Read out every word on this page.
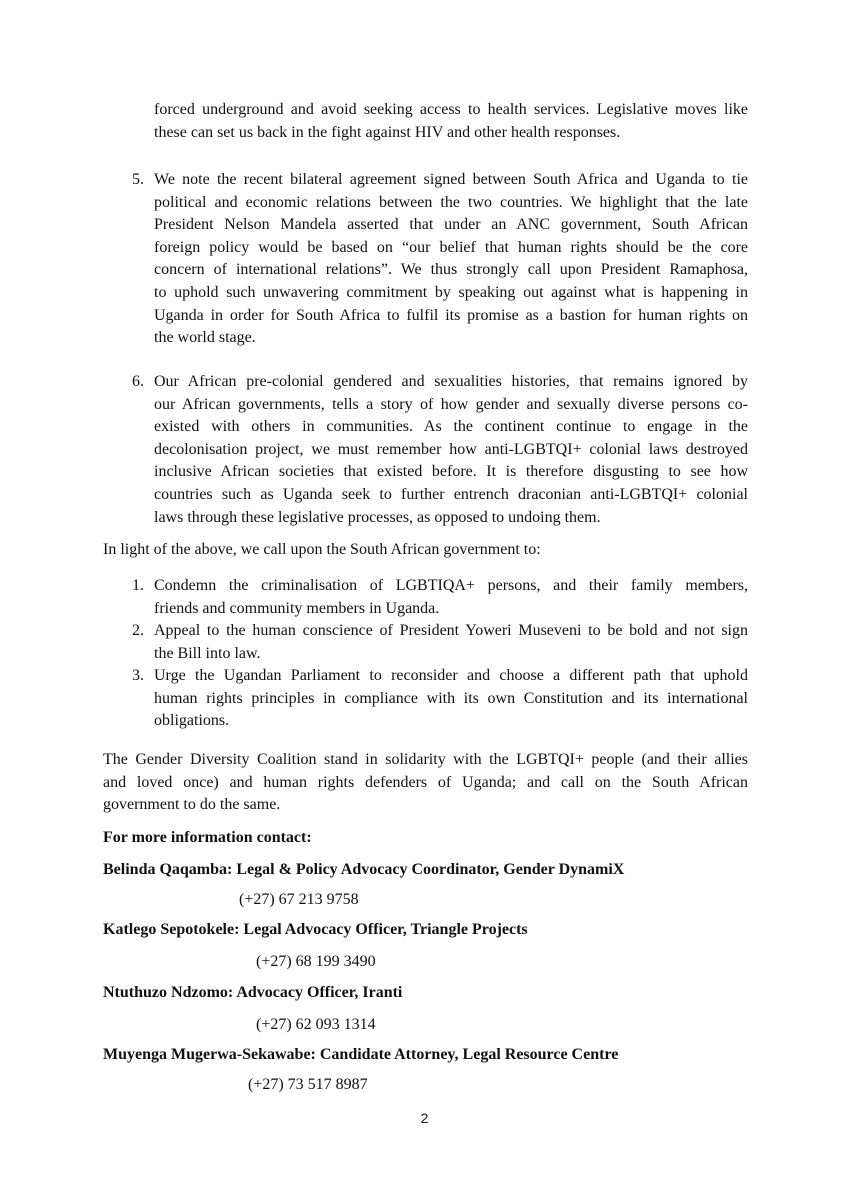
forced underground and avoid seeking access to health services. Legislative moves like
these can set us back in the fight against HIV and other health responses.
5. We note the recent bilateral agreement signed between South Africa and Uganda to tie
political and economic relations between the two countries. We highlight that the late
President Nelson Mandela asserted that under an ANC government, South African
foreign policy would be based on “our belief that human rights should be the core
concern of international relations”. We thus strongly call upon President Ramaphosa,
to uphold such unwavering commitment by speaking out against what is happening in
Uganda in order for South Africa to fulfil its promise as a bastion for human rights on
the world stage.
6. Our African pre-colonial gendered and sexualities histories, that remains ignored by
our African governments, tells a story of how gender and sexually diverse persons co-
existed with others in communities. As the continent continue to engage in the
decolonisation project, we must remember how anti-LGBTQI+ colonial laws destroyed
inclusive African societies that existed before. It is therefore disgusting to see how
countries such as Uganda seek to further entrench draconian anti-LGBTQI+ colonial
laws through these legislative processes, as opposed to undoing them.
In light of the above, we call upon the South African government to:
1. Condemn the criminalisation of LGBTIQA+ persons, and their family members,
friends and community members in Uganda.
2. Appeal to the human conscience of President Yoweri Museveni to be bold and not sign
the Bill into law.
3. Urge the Ugandan Parliament to reconsider and choose a different path that uphold
human rights principles in compliance with its own Constitution and its international
obligations.
The Gender Diversity Coalition stand in solidarity with the LGBTQI+ people (and their allies
and loved once) and human rights defenders of Uganda; and call on the South African
government to do the same.
For more information contact:
Belinda Qaqamba: Legal & Policy Advocacy Coordinator, Gender DynamiX
(+27) 67 213 9758
Katlego Sepotokele: Legal Advocacy Officer, Triangle Projects
(+27) 68 199 3490
Ntuthuzo Ndzomo: Advocacy Officer, Iranti
(+27) 62 093 1314
Muyenga Mugerwa-Sekawabe: Candidate Attorney, Legal Resource Centre
(+27) 73 517 8987
2
